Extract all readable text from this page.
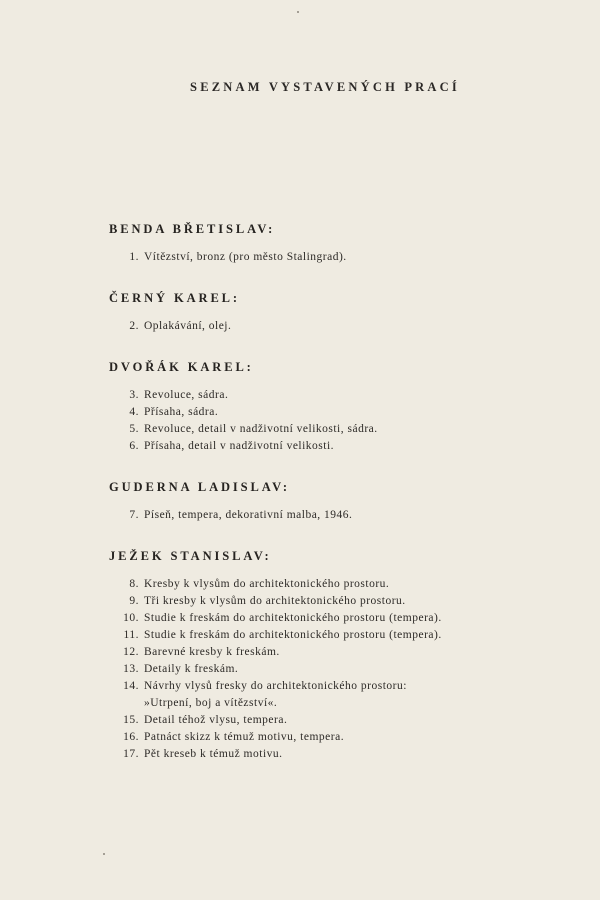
SEZNAM VYSTAVENÝCH PRACÍ
BENDA BŘETISLAV:
1. Vítězství, bronz (pro město Stalingrad).
ČERNÝ KAREL:
2. Oplakávání, olej.
DVOŘÁK KAREL:
3. Revoluce, sádra.
4. Přísaha, sádra.
5. Revoluce, detail v nadživotní velikosti, sádra.
6. Přísaha, detail v nadživotní velikosti.
GUDERNA LADISLAV:
7. Píseň, tempera, dekorativní malba, 1946.
JEŽEK STANISLAV:
8. Kresby k vlysům do architektonického prostoru.
9. Tři kresby k vlysům do architektonického prostoru.
10. Studie k freskám do architektonického prostoru (tempera).
11. Studie k freskám do architektonického prostoru (tempera).
12. Barevné kresby k freskám.
13. Detaily k freskám.
14. Návrhy vlysů fresky do architektonického prostoru:
»Utrpení, boj a vítězství«.
15. Detail téhož vlysu, tempera.
16. Patnáct skizz k témuž motivu, tempera.
17. Pět kreseb k témuž motivu.
